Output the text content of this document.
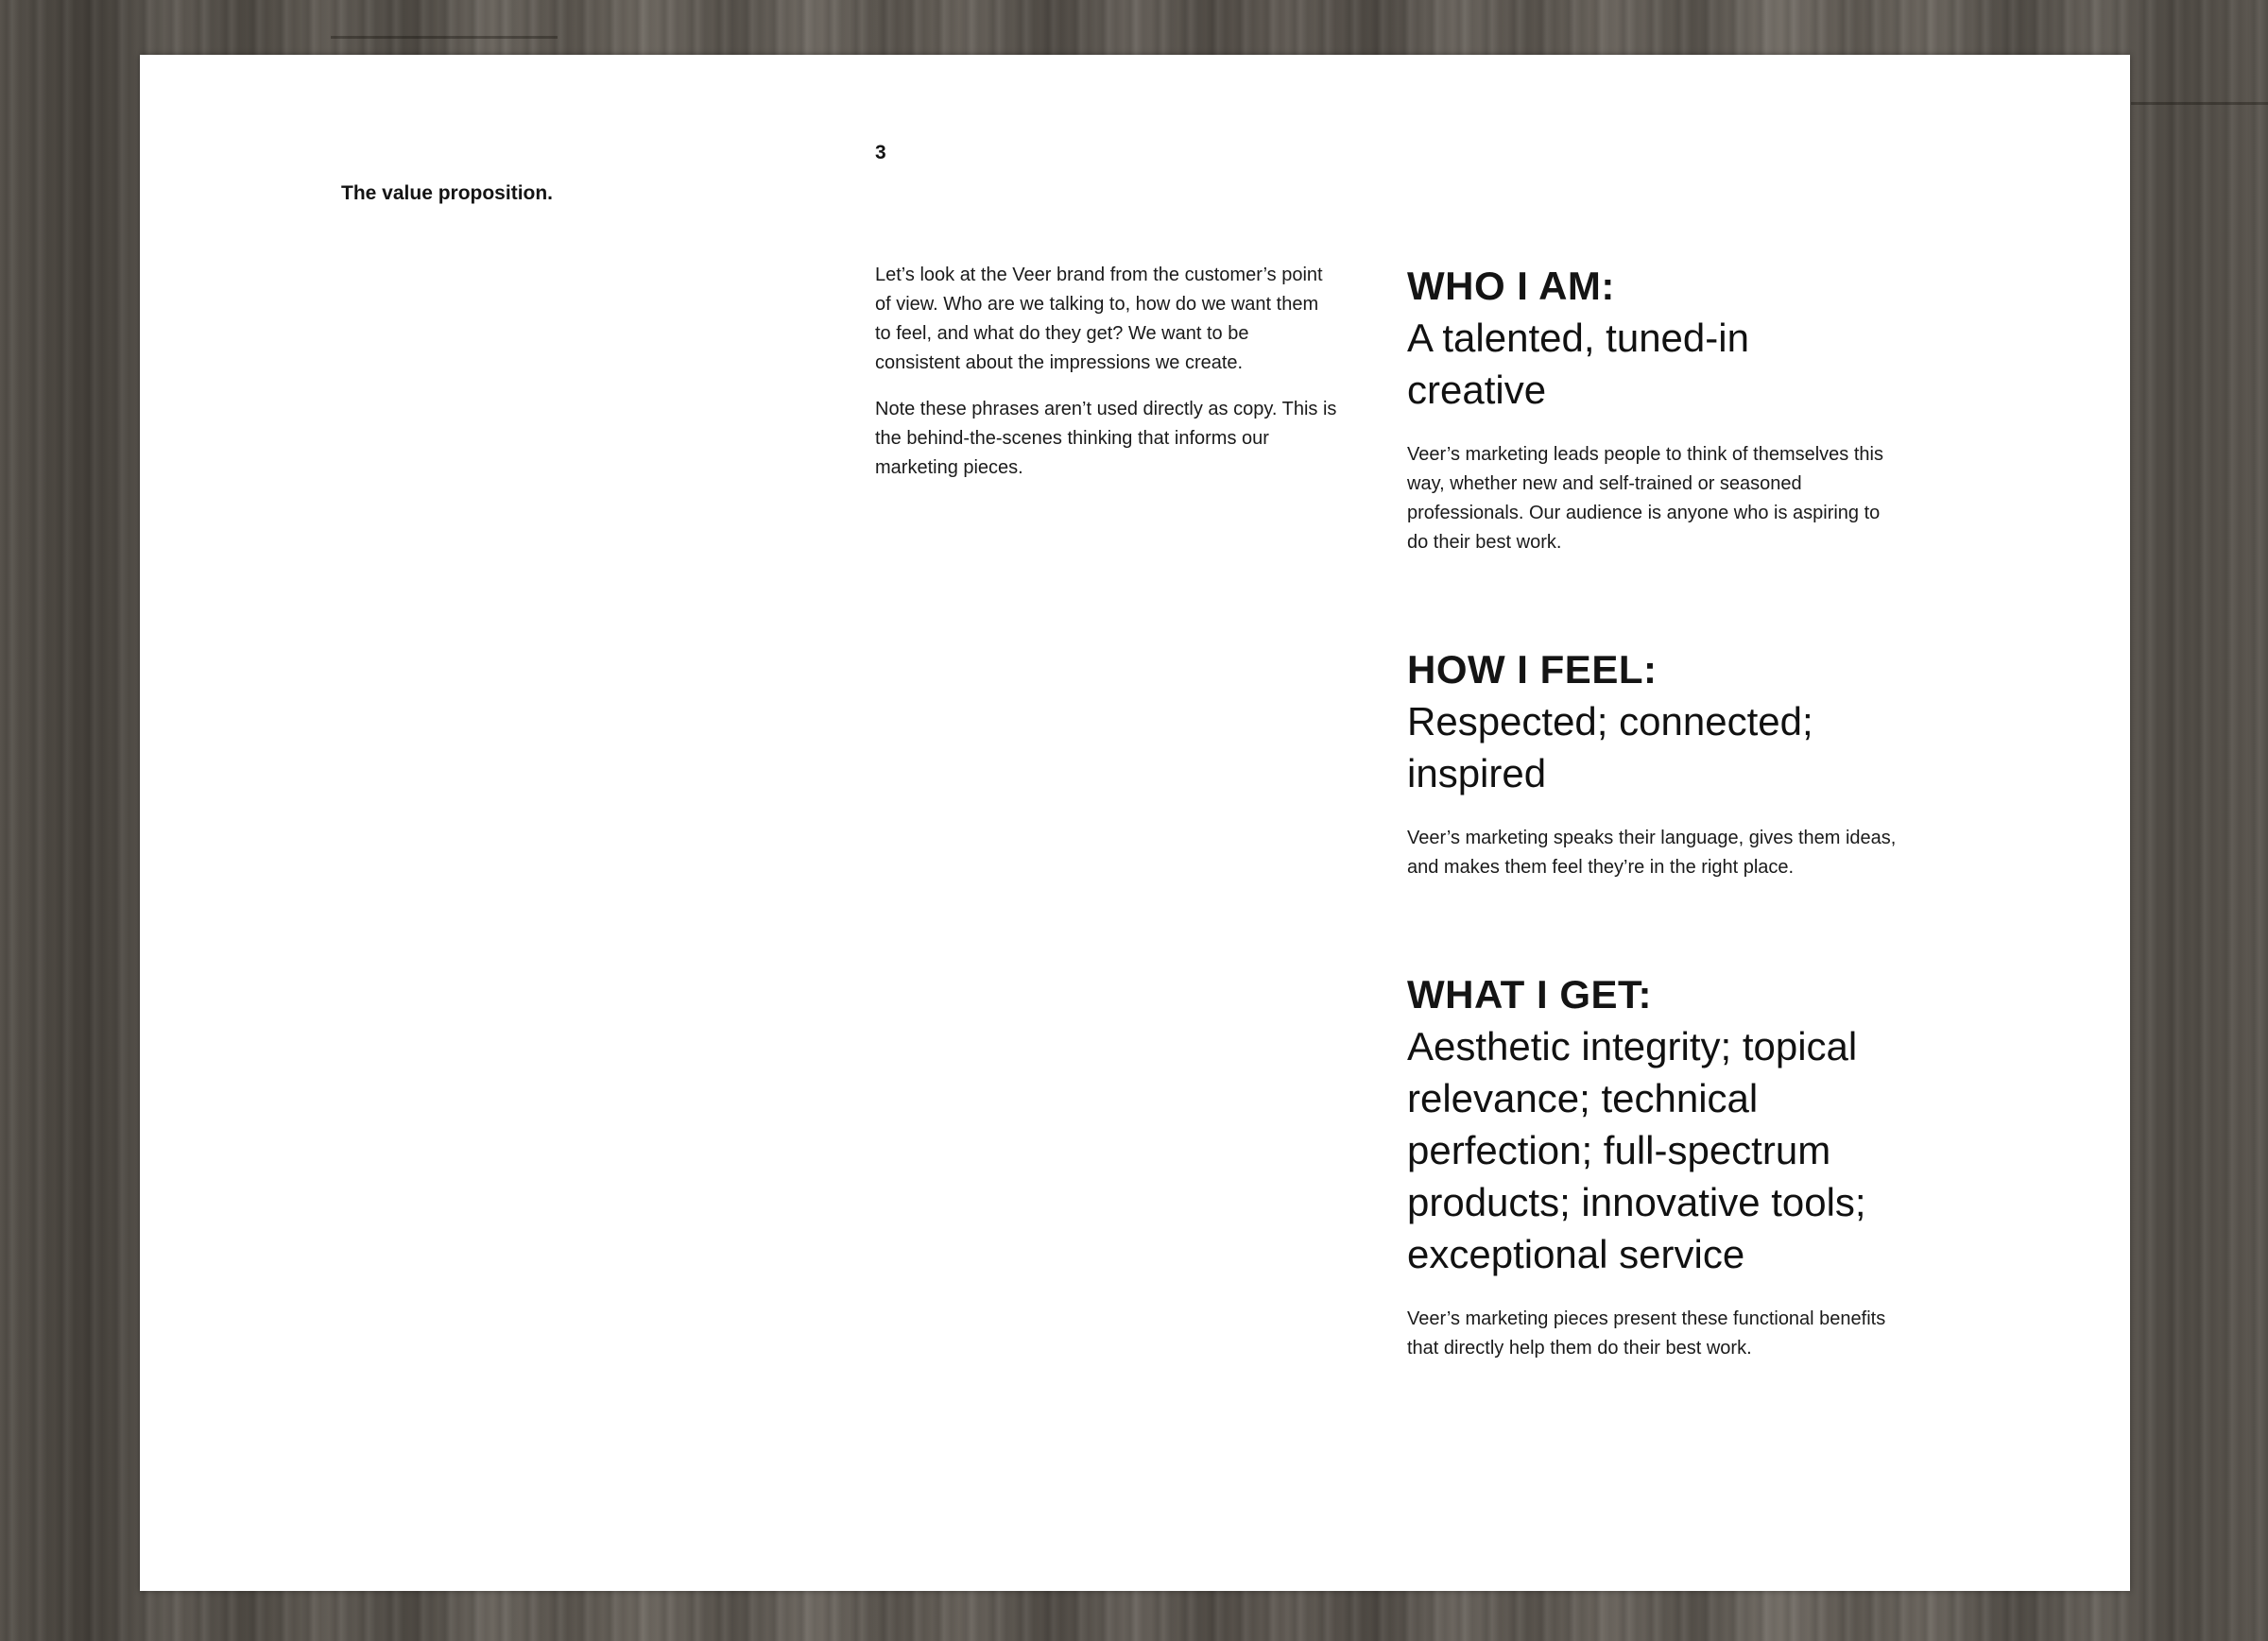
3

The value proposition.

Let’s look at the Veer brand from the customer’s point of view. Who are we talking to, how do we want them to feel, and what do they get? We want to be consistent about the impressions we create.

Note these phrases aren’t used directly as copy. This is the behind-the-scenes thinking that informs our marketing pieces.

WHO I AM:

A talented, tuned-in creative

Veer’s marketing leads people to think of themselves this way, whether new and self-trained or seasoned professionals. Our audience is anyone who is aspiring to do their best work.

HOW I FEEL:

Respected; connected; inspired

Veer’s marketing speaks their language, gives them ideas, and makes them feel they’re in the right place.

WHAT I GET:

Aesthetic integrity; topical relevance; technical perfection; full-spectrum products; innovative tools; exceptional service

Veer’s marketing pieces present these functional benefits that directly help them do their best work.
